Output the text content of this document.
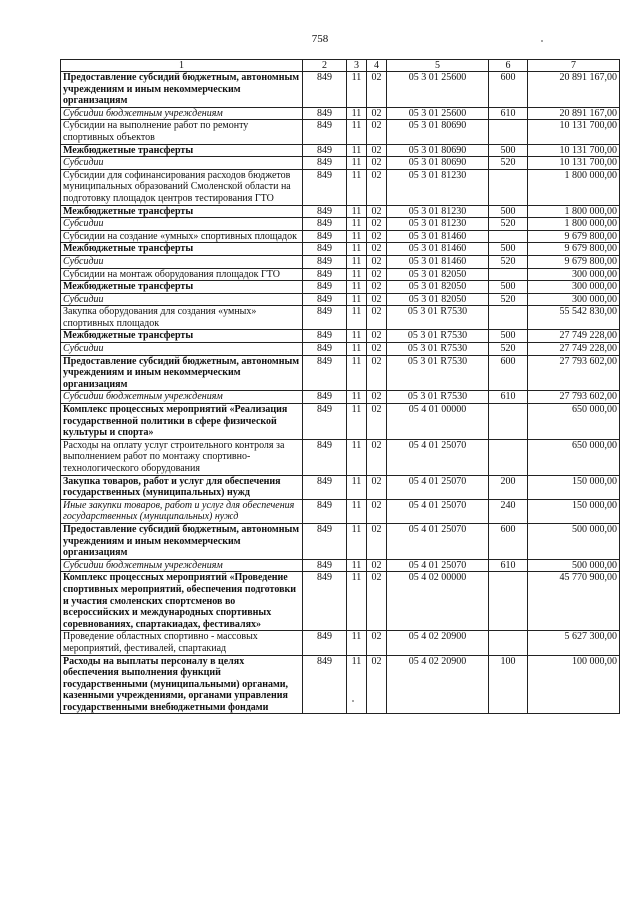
758
1	2	3	4	5	6	7
Предоставление субсидий бюджетным, автономным учреждениям и иным некоммерческим организациям	849	11	02	05 3 01 25600	600	20 891 167,00
Субсидии бюджетным учреждениям	849	11	02	05 3 01 25600	610	20 891 167,00
Субсидии на выполнение работ по ремонту спортивных объектов	849	11	02	05 3 01 80690		10 131 700,00
Межбюджетные трансферты	849	11	02	05 3 01 80690	500	10 131 700,00
Субсидии	849	11	02	05 3 01 80690	520	10 131 700,00
Субсидии для софинансирования расходов бюджетов муниципальных образований Смоленской области на подготовку площадок центров тестирования ГТО	849	11	02	05 3 01 81230		1 800 000,00
Межбюджетные трансферты	849	11	02	05 3 01 81230	500	1 800 000,00
Субсидии	849	11	02	05 3 01 81230	520	1 800 000,00
Субсидии на создание «умных» спортивных площадок	849	11	02	05 3 01 81460		9 679 800,00
Межбюджетные трансферты	849	11	02	05 3 01 81460	500	9 679 800,00
Субсидии	849	11	02	05 3 01 81460	520	9 679 800,00
Субсидии на монтаж оборудования площадок ГТО	849	11	02	05 3 01 82050		300 000,00
Межбюджетные трансферты	849	11	02	05 3 01 82050	500	300 000,00
Субсидии	849	11	02	05 3 01 82050	520	300 000,00
Закупка оборудования для создания «умных» спортивных площадок	849	11	02	05 3 01 R7530		55 542 830,00
Межбюджетные трансферты	849	11	02	05 3 01 R7530	500	27 749 228,00
Субсидии	849	11	02	05 3 01 R7530	520	27 749 228,00
Предоставление субсидий бюджетным, автономным учреждениям и иным некоммерческим организациям	849	11	02	05 3 01 R7530	600	27 793 602,00
Субсидии бюджетным учреждениям	849	11	02	05 3 01 R7530	610	27 793 602,00
Комплекс процессных мероприятий «Реализация государственной политики в сфере физической культуры и спорта»	849	11	02	05 4 01 00000		650 000,00
Расходы на оплату услуг строительного контроля за выполнением работ по монтажу спортивно-технологического оборудования	849	11	02	05 4 01 25070		650 000,00
Закупка товаров, работ и услуг для обеспечения государственных (муниципальных) нужд	849	11	02	05 4 01 25070	200	150 000,00
Иные закупки товаров, работ и услуг для обеспечения государственных (муниципальных) нужд	849	11	02	05 4 01 25070	240	150 000,00
Предоставление субсидий бюджетным, автономным учреждениям и иным некоммерческим организациям	849	11	02	05 4 01 25070	600	500 000,00
Субсидии бюджетным учреждениям	849	11	02	05 4 01 25070	610	500 000,00
Комплекс процессных мероприятий «Проведение спортивных мероприятий, обеспечения подготовки и участия смоленских спортсменов во всероссийских и международных спортивных соревнованиях, спартакиадах, фестивалях»	849	11	02	05 4 02 00000		45 770 900,00
Проведение областных спортивно - массовых мероприятий, фестивалей, спартакиад	849	11	02	05 4 02 20900		5 627 300,00
Расходы на выплаты персоналу в целях обеспечения выполнения функций государственными (муниципальными) органами, казенными учреждениями, органами управления государственными внебюджетными фондами	849	11	02	05 4 02 20900	100	100 000,00
